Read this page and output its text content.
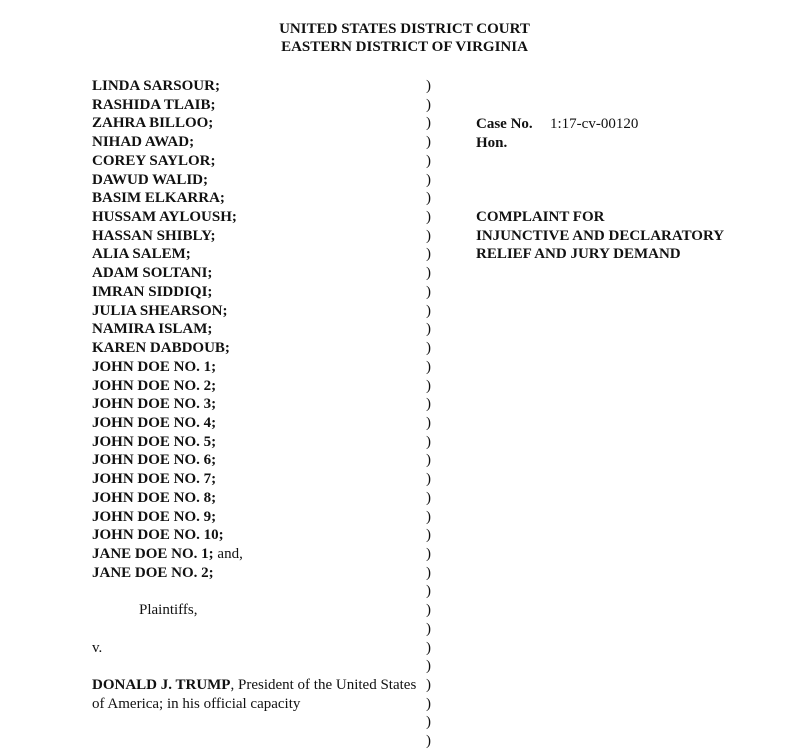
UNITED STATES DISTRICT COURT
EASTERN DISTRICT OF VIRGINIA
LINDA SARSOUR;
RASHIDA TLAIB;
ZAHRA BILLOO;
NIHAD AWAD;
COREY SAYLOR;
DAWUD WALID;
BASIM ELKARRA;
HUSSAM AYLOUSH;
HASSAN SHIBLY;
ALIA SALEM;
ADAM SOLTANI;
IMRAN SIDDIQI;
JULIA SHEARSON;
NAMIRA ISLAM;
KAREN DABDOUB;
JOHN DOE NO. 1;
JOHN DOE NO. 2;
JOHN DOE NO. 3;
JOHN DOE NO. 4;
JOHN DOE NO. 5;
JOHN DOE NO. 6;
JOHN DOE NO. 7;
JOHN DOE NO. 8;
JOHN DOE NO. 9;
JOHN DOE NO. 10;
JANE DOE NO. 1; and,
JANE DOE NO. 2;
Plaintiffs,
v.
DONALD J. TRUMP, President of the United States of America; in his official capacity
)
)
)
)
)
)
)
)
)
)
)
)
)
)
)
)
)
)
)
)
)
)
)
)
)
)
)
)
)
)
)
)
)
)
)
)
Case No. 1:17-cv-00120
Hon.
COMPLAINT FOR
INJUNCTIVE AND DECLARATORY
RELIEF AND JURY DEMAND
